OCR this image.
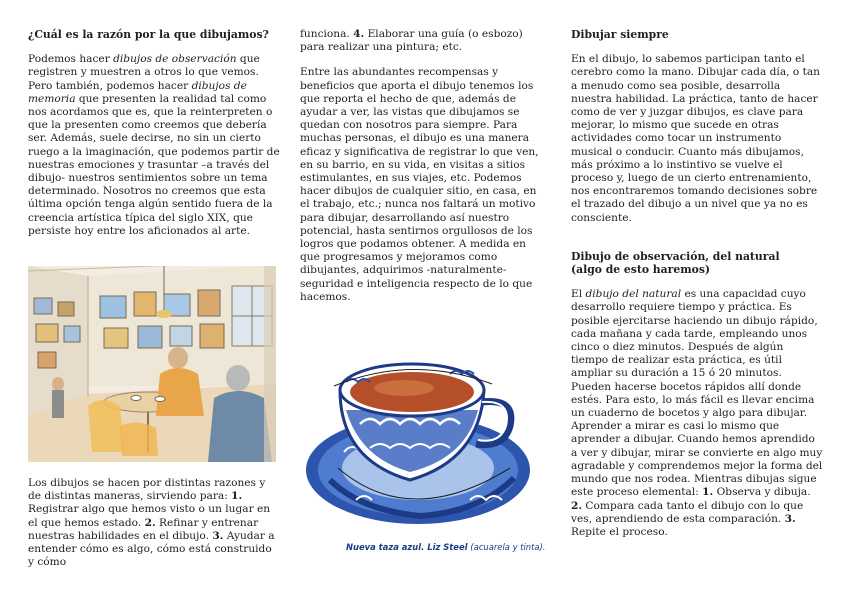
¿Cuál es la razón por la que dibujamos?

Podemos hacer dibujos de observación que registren y muestren a otros lo que vemos. Pero también, podemos hacer dibujos de memoria que presenten la realidad tal como nos acordamos que es, que la reinterpreten o que la presenten como creemos que debería ser. Además, suele decirse, no sin un cierto ruego a la imaginación, que podemos partir de nuestras emociones y trasuntar –a través del dibujo- nuestros sentimientos sobre un tema determinado. Nosotros no creemos que esta última opción tenga algún sentido fuera de la creencia artística típica del siglo XIX, que persiste hoy entre los aficionados al arte.

Los dibujos se hacen por distintas razones y de distintas maneras, sirviendo para: 1. Registrar algo que hemos visto o un lugar en el que hemos estado. 2. Refinar y entrenar nuestras habilidades en el dibujo. 3. Ayudar a entender cómo es algo, cómo está construido y cómo

funciona. 4. Elaborar una guía (o esbozo) para realizar una pintura; etc.

Entre las abundantes recompensas y beneficios que aporta el dibujo tenemos los que reporta el hecho de que, además de ayudar a ver, las vistas que dibujamos se quedan con nosotros para siempre. Para muchas personas, el dibujo es una manera eficaz y significativa de registrar lo que ven, en su barrio, en su vida, en visitas a sitios estimulantes, en sus viajes, etc. Podemos hacer dibujos de cualquier sitio, en casa, en el trabajo, etc.; nunca nos faltará un motivo para dibujar, desarrollando así nuestro potencial, hasta sentirnos orgullosos de los logros que podamos obtener. A medida en que progresamos y mejoramos como dibujantes, adquirimos -naturalmente- seguridad e inteligencia respecto de lo que hacemos.

Nueva taza azul. Liz Steel (acuarela y tinta).
Dibujar siempre

En el dibujo, lo sabemos participan tanto el cerebro como la mano. Dibujar cada día, o tan a menudo como sea posible, desarrolla nuestra habilidad. La práctica, tanto de hacer como de ver y juzgar dibujos, es clave para mejorar, lo mismo que sucede en otras actividades como tocar un instrumento musical o conducir. Cuanto más dibujamos, más próximo a lo instintivo se vuelve el proceso y, luego de un cierto entrenamiento, nos encontraremos tomando decisiones sobre el trazado del dibujo a un nivel que ya no es consciente.

Dibujo de observación, del natural
(algo de esto haremos)

El dibujo del natural es una capacidad cuyo desarrollo requiere tiempo y práctica. Es posible ejercitarse haciendo un dibujo rápido, cada mañana y cada tarde, empleando unos cinco o diez minutos. Después de algún tiempo de realizar esta práctica, es útil ampliar su duración a 15 ó 20 minutos. Pueden hacerse bocetos rápidos allí donde estés. Para esto, lo más fácil es llevar encima un cuaderno de bocetos y algo para dibujar. Aprender a mirar es casi lo mismo que aprender a dibujar. Cuando hemos aprendido a ver y dibujar, mirar se convierte en algo muy agradable y comprendemos mejor la forma del mundo que nos rodea. Mientras dibujas sigue este proceso elemental: 1. Observa y dibuja. 2. Compara cada tanto el dibujo con lo que ves, aprendiendo de esta comparación. 3. Repite el proceso.
